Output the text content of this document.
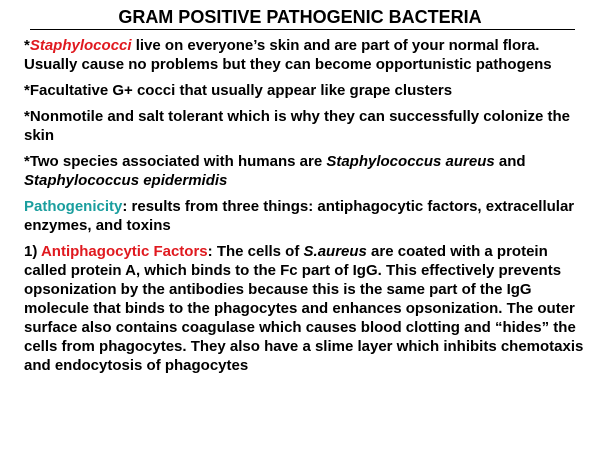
GRAM POSITIVE PATHOGENIC BACTERIA

*Staphylococci live on everyone’s skin and are part of your normal flora. Usually cause no problems but they can become opportunistic pathogens

*Facultative G+ cocci that usually appear like grape clusters

*Nonmotile and salt tolerant which is why they can successfully colonize the skin

*Two species associated with humans are Staphylococcus aureus and Staphylococcus epidermidis

Pathogenicity: results from three things: antiphagocytic factors, extracellular enzymes, and toxins

1) Antiphagocytic Factors: The cells of S.aureus are coated with a protein called protein A, which binds to the Fc part of IgG. This effectively prevents opsonization by the antibodies because this is the same part of the IgG molecule that binds to the phagocytes and enhances opsonization. The outer surface also contains coagulase which causes blood clotting and “hides” the cells from phagocytes. They also have a slime layer which inhibits chemotaxis and endocytosis of phagocytes
